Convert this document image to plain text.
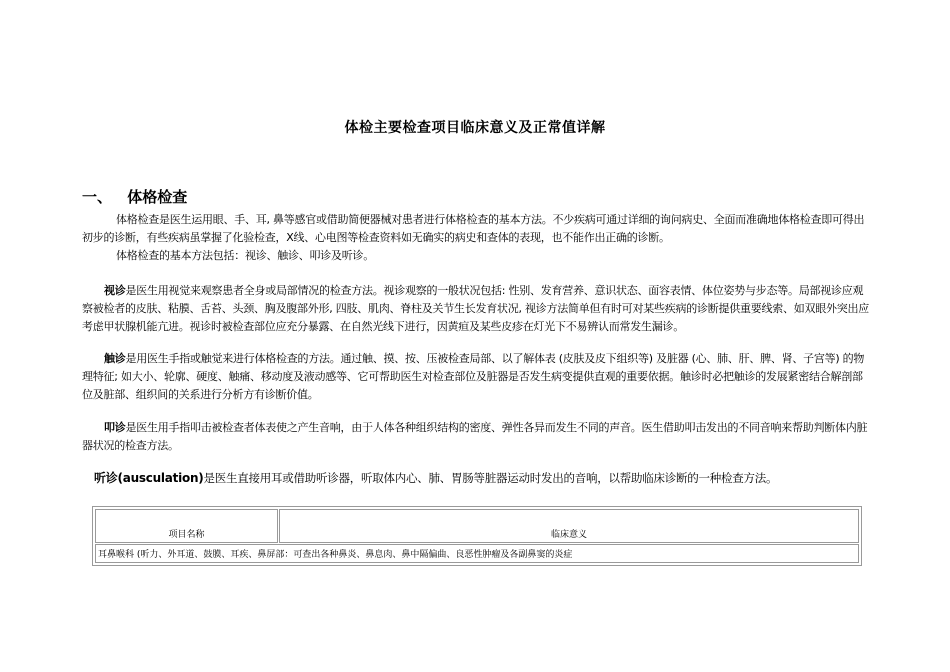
体检主要检查项目临床意义及正常值详解
一、 体格检查
体格检查是医生运用眼、手、耳, 鼻等感官或借助简便器械对患者进行体格检查的基本方法。不少疾病可通过详细的询问病史、全面而准确地体格检查即可得出初步的诊断，有些疾病虽掌握了化验检查，X线、心电图等检查资料如无确实的病史和查体的表现，也不能作出正确的诊断。
体格检查的基本方法包括：视诊、触诊、叩诊及听诊。
视诊是医生用视觉来观察患者全身或局部情况的检查方法。视诊观察的一般状况包括: 性别、发育营养、意识状态、面容表情、体位姿势与步态等。局部视诊应观察被检者的皮肤、粘膜、舌苔、头颈、胸及腹部外形, 四肢、肌肉、脊柱及关节生长发育状况, 视诊方法简单但有时可对某些疾病的诊断提供重要线索、如双眼外突出应考虑甲状腺机能亢进。视诊时被检查部位应充分暴露、在自然光线下进行，因黄疸及某些皮疹在灯光下不易辨认而常发生漏诊。
触诊是用医生手指或触觉来进行体格检查的方法。通过触、摸、按、压被检查局部、以了解体表 (皮肤及皮下组织等) 及脏器 (心、肺、肝、脾、肾、子宫等) 的物理特征; 如大小、轮廓、硬度、触痛、移动度及液动感等、它可帮助医生对检查部位及脏器是否发生病变提供直观的重要依据。触诊时必把触诊的发展紧密结合解剖部位及脏部、组织间的关系进行分析方有诊断价值。
叩诊是医生用手指叩击被检查者体表使之产生音响，由于人体各种组织结构的密度、弹性各异而发生不同的声音。医生借助叩击发出的不同音响来帮助判断体内脏器状况的检查方法。
听诊(ausculation)是医生直接用耳或借助听诊器，听取体内心、肺、胃肠等脏器运动时发出的音响，以帮助临床诊断的一种检查方法。
项目名称	临床意义
耳鼻喉科 (听力、外耳道、鼓膜、耳疾、鼻屏部：可查出各种鼻炎、鼻息肉、鼻中隔偏曲、良恶性肿瘤及各副鼻窦的炎症
